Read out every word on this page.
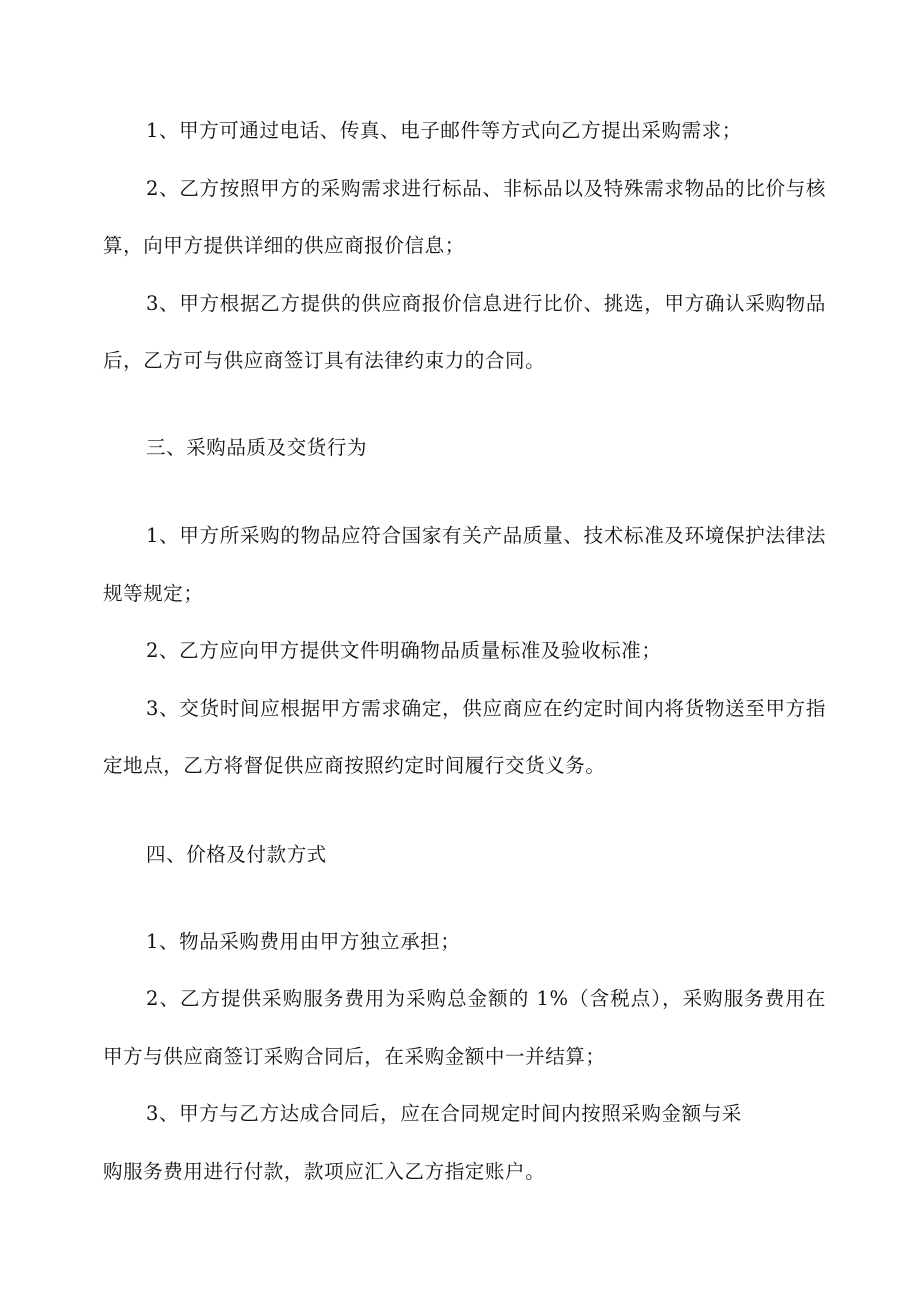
1、甲方可通过电话、传真、电子邮件等方式向乙方提出采购需求；
2、乙方按照甲方的采购需求进行标品、非标品以及特殊需求物品的比价与核
算，向甲方提供详细的供应商报价信息；
3、甲方根据乙方提供的供应商报价信息进行比价、挑选，甲方确认采购物品
后，乙方可与供应商签订具有法律约束力的合同。
三、采购品质及交货行为
1、甲方所采购的物品应符合国家有关产品质量、技术标准及环境保护法律法
规等规定；
2、乙方应向甲方提供文件明确物品质量标准及验收标准；
3、交货时间应根据甲方需求确定，供应商应在约定时间内将货物送至甲方指
定地点，乙方将督促供应商按照约定时间履行交货义务。
四、价格及付款方式
1、物品采购费用由甲方独立承担；
2、乙方提供采购服务费用为采购总金额的 1%（含税点），采购服务费用在
甲方与供应商签订采购合同后，在采购金额中一并结算；
3、甲方与乙方达成合同后，应在合同规定时间内按照采购金额与采
购服务费用进行付款，款项应汇入乙方指定账户。
